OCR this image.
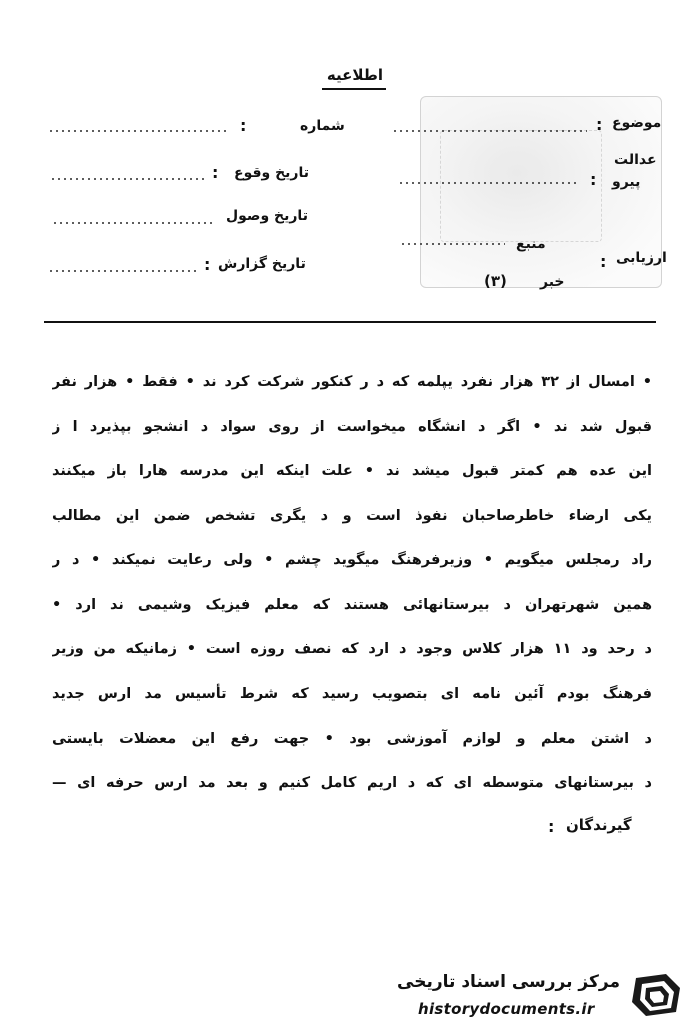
اطلاعیه
شماره
:
تاریخ وقوع
:
تاریخ وصول
تاریخ گزارش
:
موضوع
:
عدالت
پیرو
:
منبع
ارزیابی
:
خبر
(۳)
• امسال از ۳۲ هزار نفرد یپلمه که د ر کنکور شرکت کرد ند • فقط • هزار نفر
قبول شد ند • اگر د انشگاه میخواست از روی سواد د انشجو بپذیرد ا ز
این عده هم کمتر قبول میشد ند • علت اینکه این مدرسه هارا باز میکنند
یکی ارضاء خاطرصاحبان نفوذ است و د یگری تشخص ضمن این مطالب
راد رمجلس میگویم • وزیرفرهنگ میگوید چشم • ولی رعایت نمیکند • د ر
همین شهرتهران د بیرستانهائی هستند که معلم فیزیک وشیمی ند ارد •
د رحد ود ۱۱ هزار کلاس وجود د ارد که نصف روزه است • زمانیکه من وزیر
فرهنگ بودم آئین نامه ای بتصویب رسید که شرط تأسیس مد ارس جدید
د اشتن معلم و لوازم آموزشی بود • جهت رفع این معضلات بایستی
د بیرستانهای متوسطه ای که د اریم کامل کنیم و بعد مد ارس حرفه ای —
گیرندگان
:
مرکز بررسی اسناد تاریخی
historydocuments.ir
